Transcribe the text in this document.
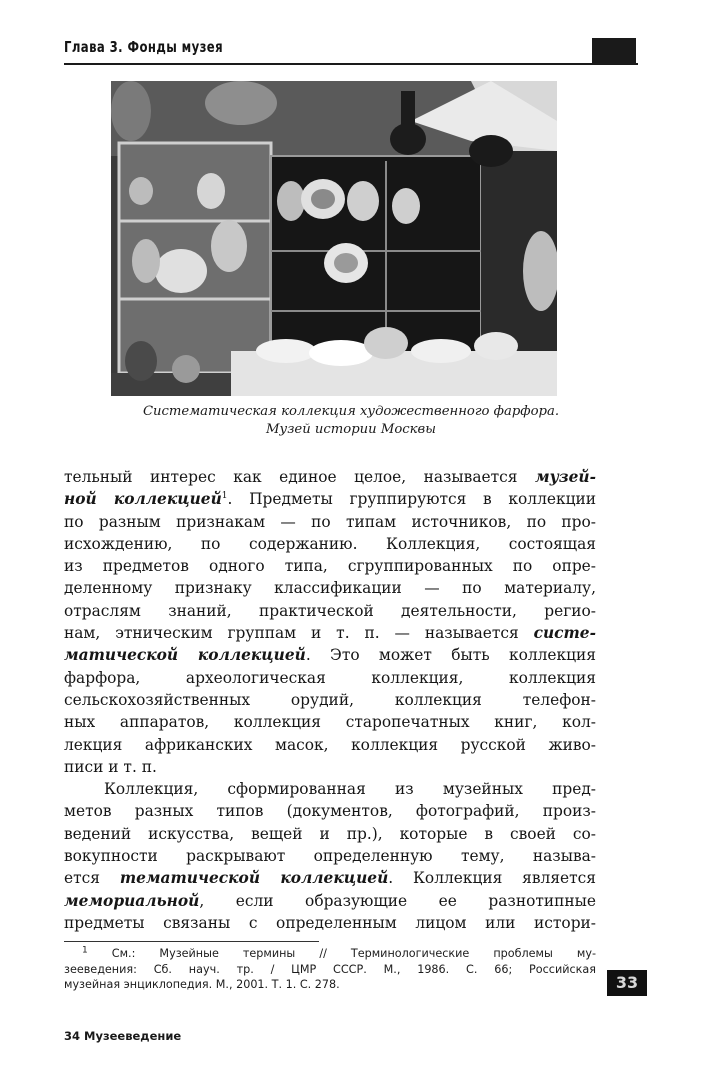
Глава 3. Фонды музея
Систематическая коллекция художественного фарфора.
Музей истории Москвы
тельный интерес как единое целое, называется музей-
ной коллекцией$^1$. Предметы группируются в коллекции
по разным признакам — по типам источников, по про-
исхождению, по содержанию. Коллекция, состоящая
из предметов одного типа, сгруппированных по опре-
деленному признаку классификации — по материалу,
отраслям знаний, практической деятельности, регио-
нам, этническим группам и т. п. — называется систе-
матической коллекцией. Это может быть коллекция
фарфора, археологическая коллекция, коллекция
сельскохозяйственных орудий, коллекция телефон-
ных аппаратов, коллекция старопечатных книг, кол-
лекция африканских масок, коллекция русской живо-
писи и т. п.
Коллекция, сформированная из музейных пред-
метов разных типов (документов, фотографий, произ-
ведений искусства, вещей и пр.), которые в своей со-
вокупности раскрывают определенную тему, называ-
ется тематической коллекцией. Коллекция является
мемориальной, если образующие ее разнотипные
предметы связаны с определенным лицом или истори-
$^1$ См.: Музейные термины // Терминологические проблемы му-
зееведения: Сб. науч. тр. / ЦМР СССР. М., 1986. С. 66; Российская
музейная энциклопедия. М., 2001. Т. 1. С. 278.	33
34 Музееведение
